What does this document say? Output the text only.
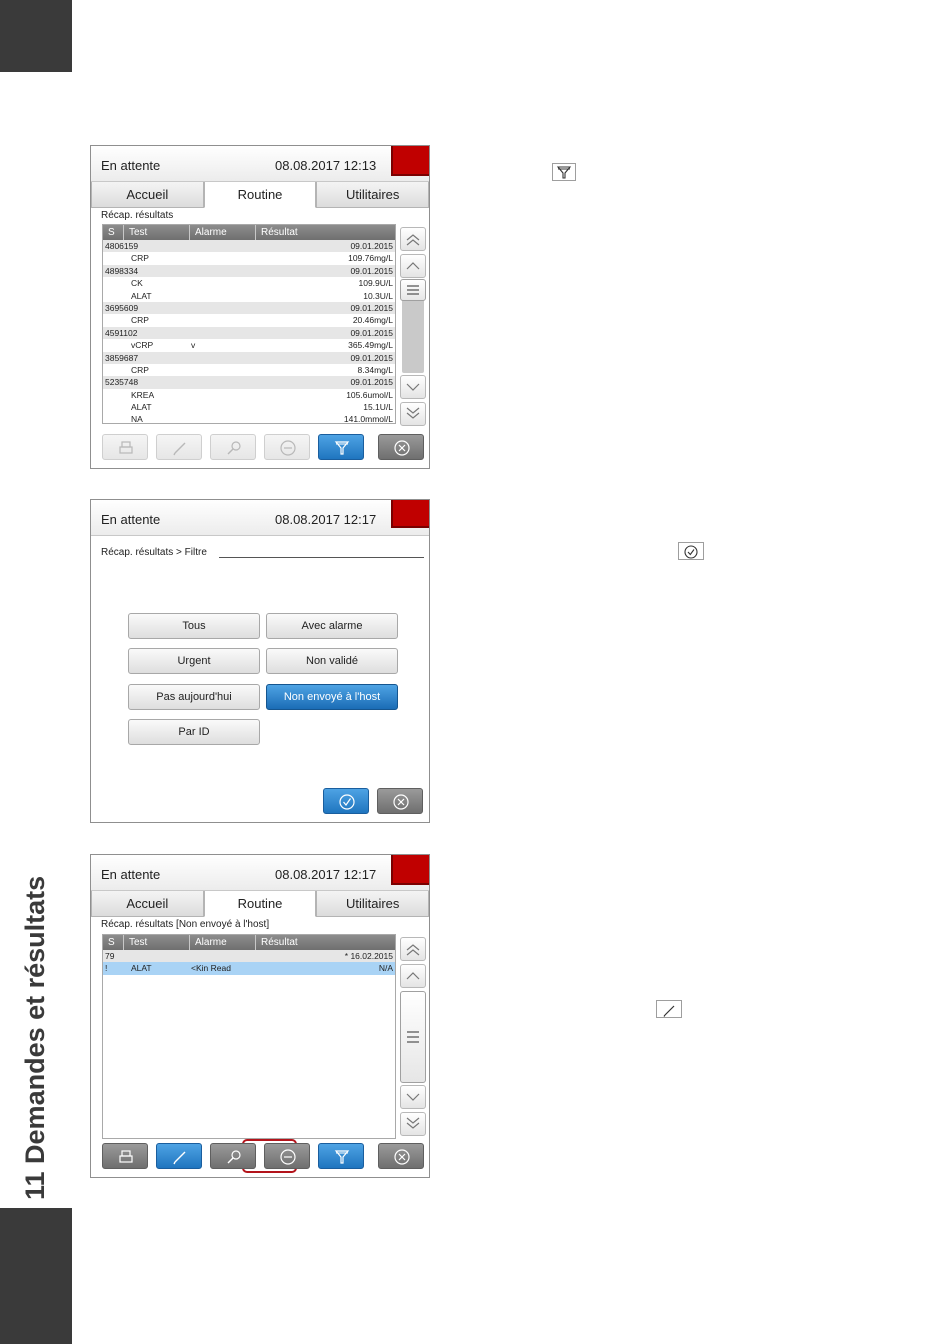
11 Demandes et résultats
En attente	08.08.2017 12:13
Accueil	Routine	Utilitaires
Récap. résultats
S	Test	Alarme	Résultat
4806159	09.01.2015
CRP	109.76mg/L
4898334	09.01.2015
CK	109.9U/L
ALAT	10.3U/L
3695609	09.01.2015
CRP	20.46mg/L
4591102	09.01.2015
vCRP	v	365.49mg/L
3859687	09.01.2015
CRP	8.34mg/L
5235748	09.01.2015
KREA	105.6umol/L
ALAT	15.1U/L
NA	141.0mmol/L
En attente	08.08.2017 12:17
Récap. résultats > Filtre
Tous	Avec alarme
Urgent	Non validé
Pas aujourd'hui	Non envoyé à l'host
Par ID
En attente	08.08.2017 12:17
Accueil	Routine	Utilitaires
Récap. résultats [Non envoyé à l'host]
S	Test	Alarme	Résultat
79	* 16.02.2015
!	ALAT	<Kin Read	N/A
